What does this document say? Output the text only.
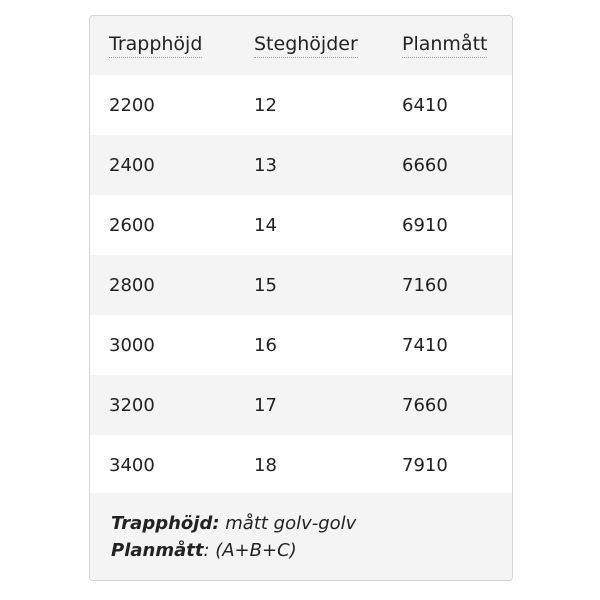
Trapphöjd	Steghöjder	Planmått
2200	12	6410
2400	13	6660
2600	14	6910
2800	15	7160
3000	16	7410
3200	17	7660
3400	18	7910
Trapphöjd: mått golv-golv
Planmått: (A+B+C)
